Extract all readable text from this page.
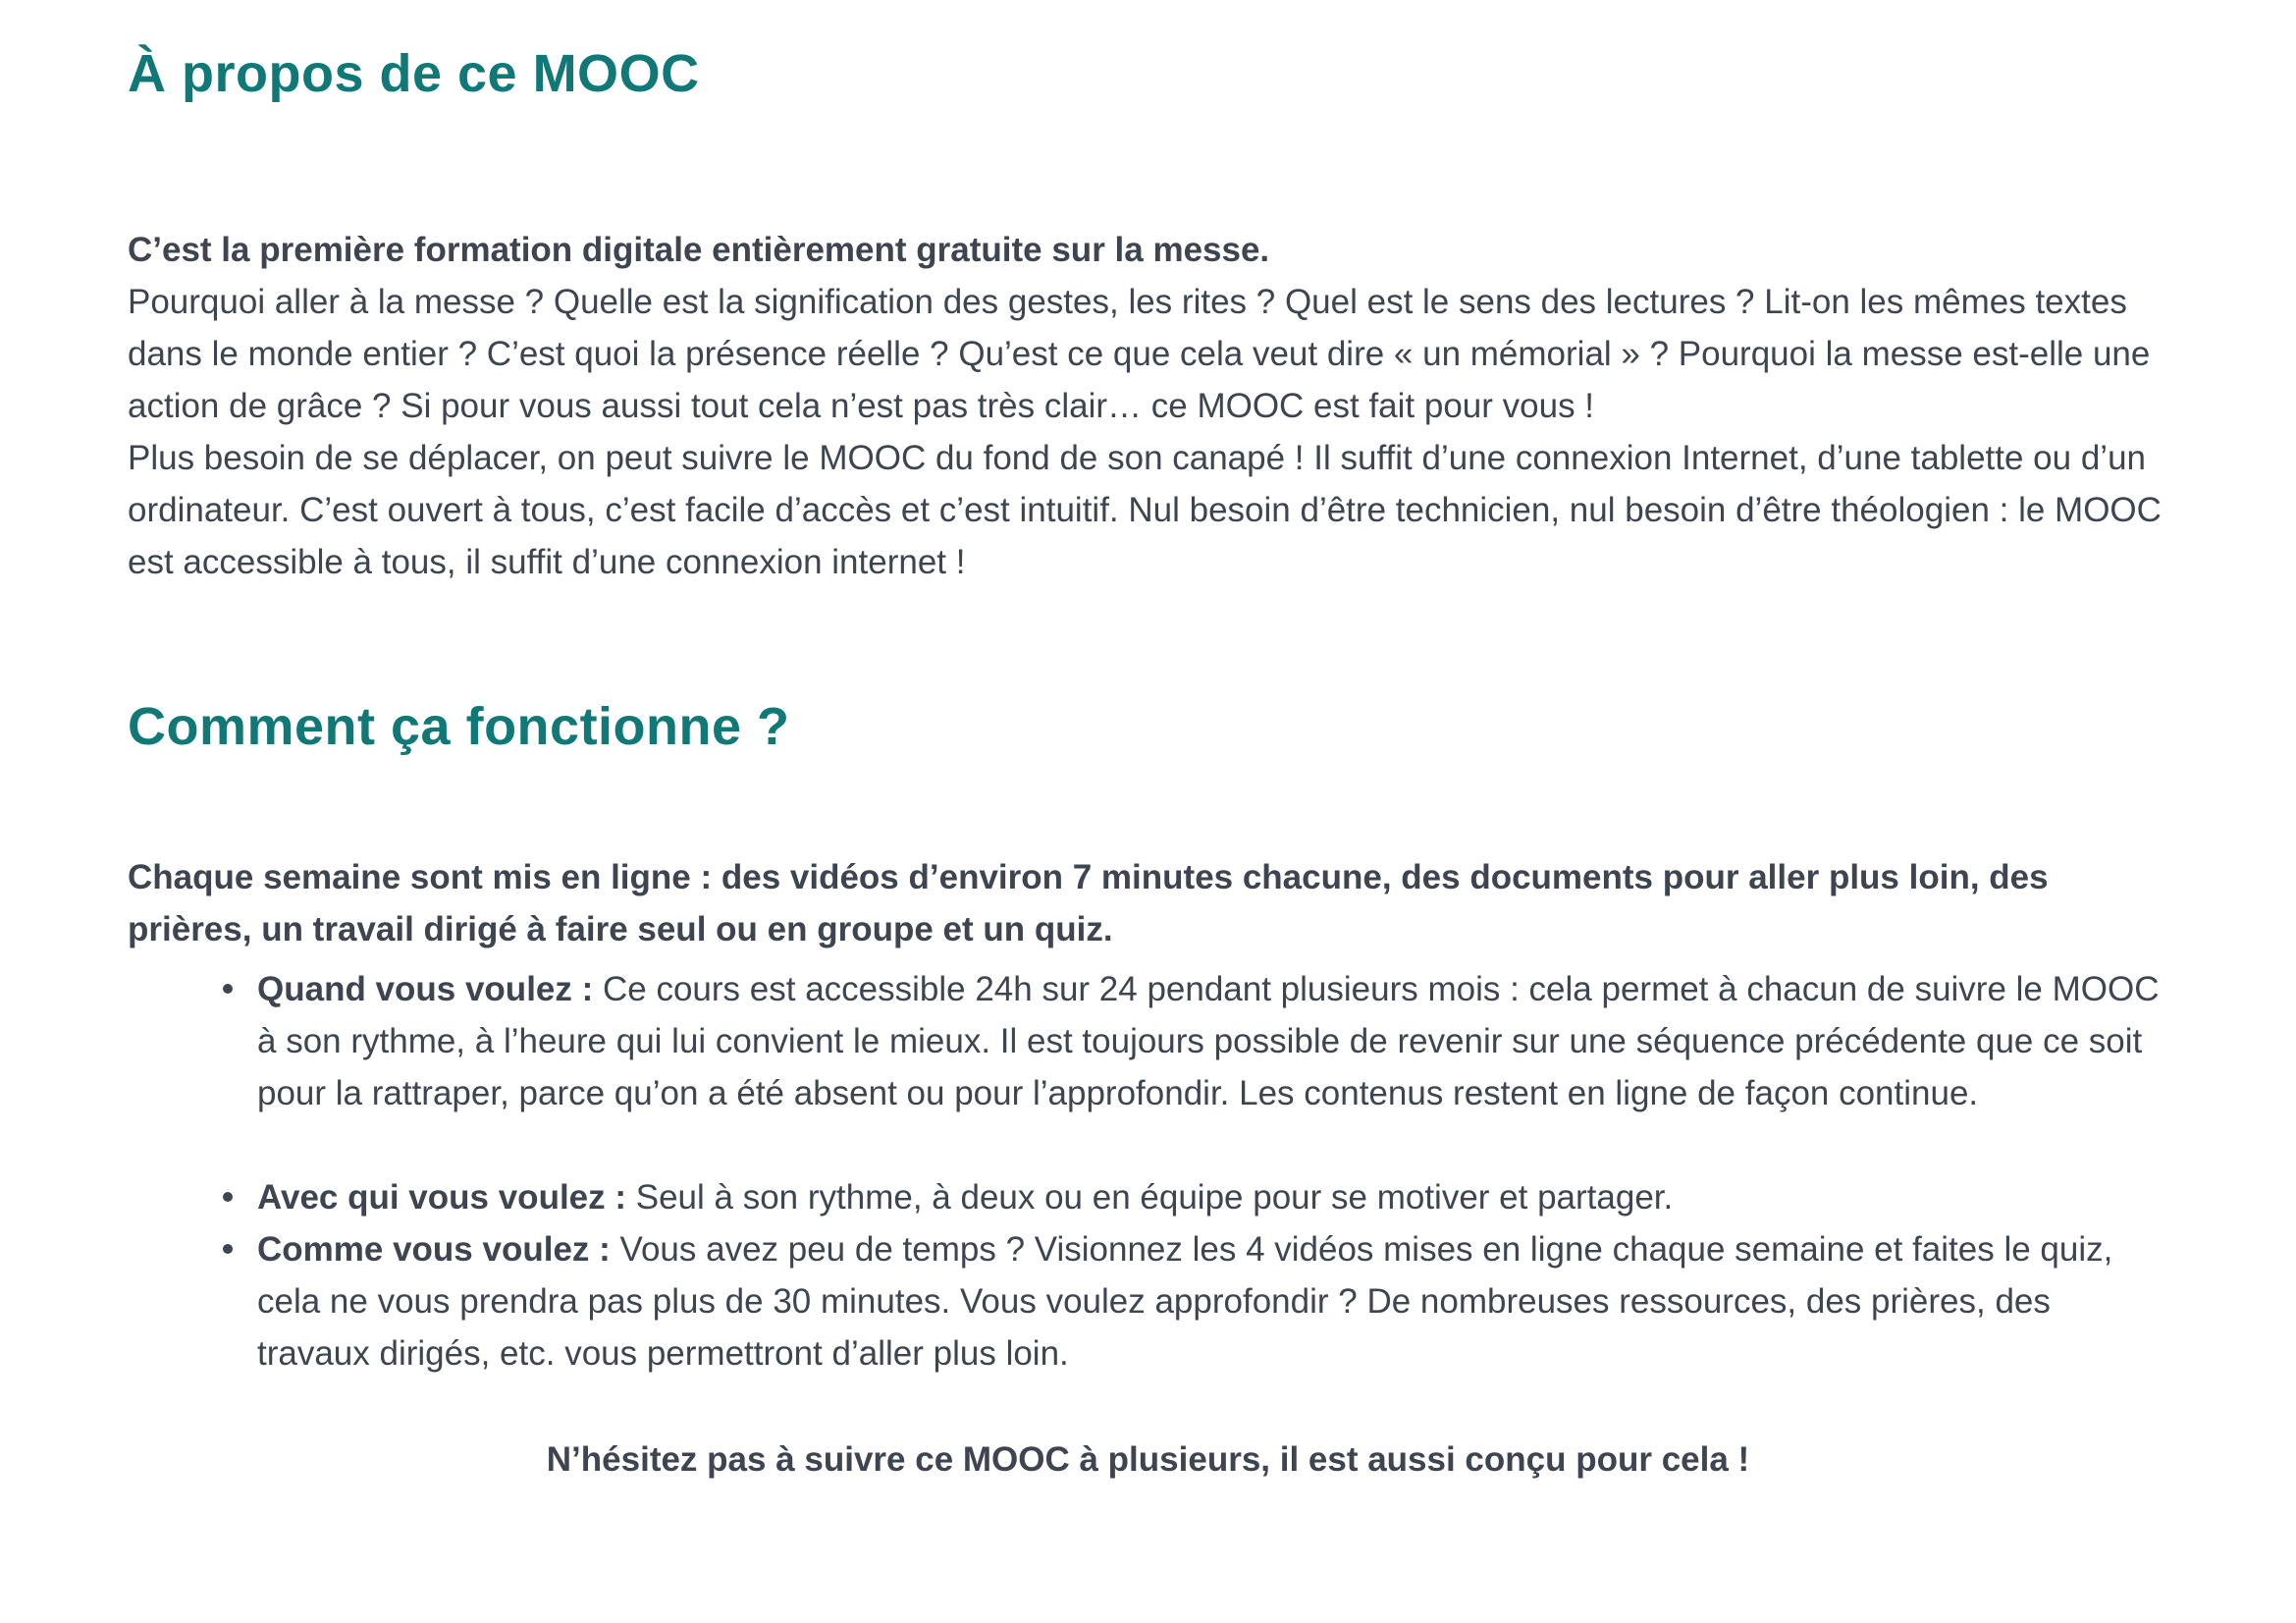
À propos de ce MOOC

C’est la première formation digitale entièrement gratuite sur la messe.

Pourquoi aller à la messe ? Quelle est la signification des gestes, les rites ? Quel est le sens des lectures ? Lit-on les mêmes textes dans le monde entier ? C’est quoi la présence réelle ? Qu’est ce que cela veut dire « un mémorial » ? Pourquoi la messe est-elle une action de grâce ? Si pour vous aussi tout cela n’est pas très clair… ce MOOC est fait pour vous !

Plus besoin de se déplacer, on peut suivre le MOOC du fond de son canapé ! Il suffit d’une connexion Internet, d’une tablette ou d’un ordinateur. C’est ouvert à tous, c’est facile d’accès et c’est intuitif. Nul besoin d’être technicien, nul besoin d’être théologien : le MOOC est accessible à tous, il suffit d’une connexion internet !

Comment ça fonctionne ?

Chaque semaine sont mis en ligne : des vidéos d’environ 7 minutes chacune, des documents pour aller plus loin, des prières, un travail dirigé à faire seul ou en groupe et un quiz.

Quand vous voulez : Ce cours est accessible 24h sur 24 pendant plusieurs mois : cela permet à chacun de suivre le MOOC à son rythme, à l’heure qui lui convient le mieux. Il est toujours possible de revenir sur une séquence précédente que ce soit pour la rattraper, parce qu’on a été absent ou pour l’approfondir. Les contenus restent en ligne de façon continue.
Avec qui vous voulez : Seul à son rythme, à deux ou en équipe pour se motiver et partager.
Comme vous voulez : Vous avez peu de temps ? Visionnez les 4 vidéos mises en ligne chaque semaine et faites le quiz, cela ne vous prendra pas plus de 30 minutes. Vous voulez approfondir ? De nombreuses ressources, des prières, des travaux dirigés, etc. vous permettront d’aller plus loin.

N’hésitez pas à suivre ce MOOC à plusieurs, il est aussi conçu pour cela !
